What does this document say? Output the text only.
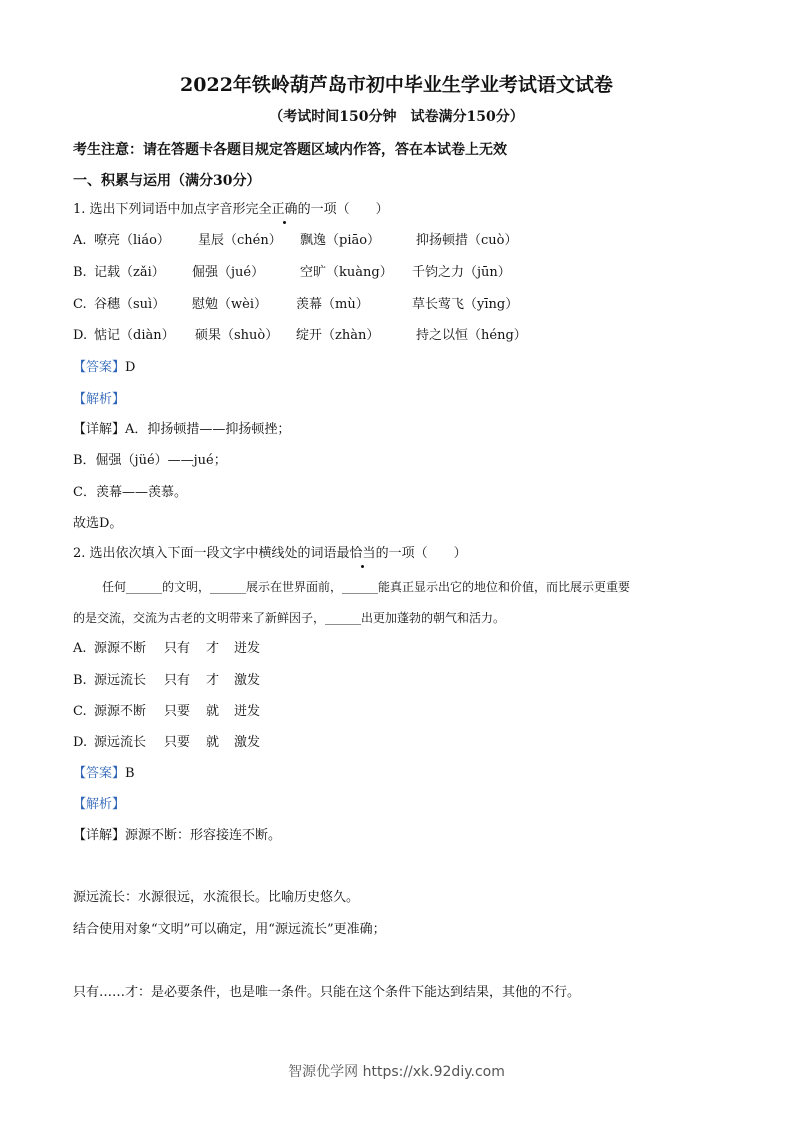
2022年铁岭葫芦岛市初中毕业生学业考试语文试卷
（考试时间150分钟　试卷满分150分）
考生注意：请在答题卡各题目规定答题区域内作答，答在本试卷上无效
一、积累与运用（满分30分）
1. 选出下列词语中加点字音形完全正确的一项（　　）
A. 嘹亮（liáo） 星辰（chén） 飘逸（piāo）	抑扬顿措（cuò）
B. 记载（zǎi） 倔强（jué）	空旷（kuàng） 千钧之力（jūn）
C. 谷穗（suì） 慰勉（wèi） 羡幕（mù）	草长莺飞（yīng）
D. 惦记（diàn） 硕果（shuò） 绽开（zhàn）	持之以恒（héng）
【答案】D
【解析】
【详解】A．抑扬顿措——抑扬顿挫；
B．倔强（jüé）——jué；
C．羡幕——羡慕。
故选D。
2. 选出依次填入下面一段文字中横线处的词语最恰当的一项（　　）
任何______的文明，______展示在世界面前，______能真正显示出它的地位和价值，而比展示更重要
的是交流，交流为古老的文明带来了新鲜因子，______出更加蓬勃的朝气和活力。
A. 源源不断 只有 才 迸发
B. 源远流长 只有 才 激发
C. 源源不断 只要 就 迸发
D. 源远流长 只要 就 激发
【答案】B
【解析】
【详解】源源不断：形容接连不断。
源远流长：水源很远，水流很长。比喻历史悠久。
结合使用对象“文明”可以确定，用“源远流长”更准确；
只有……才：是必要条件，也是唯一条件。只能在这个条件下能达到结果，其他的不行。
智源优学网 https://xk.92diy.com
